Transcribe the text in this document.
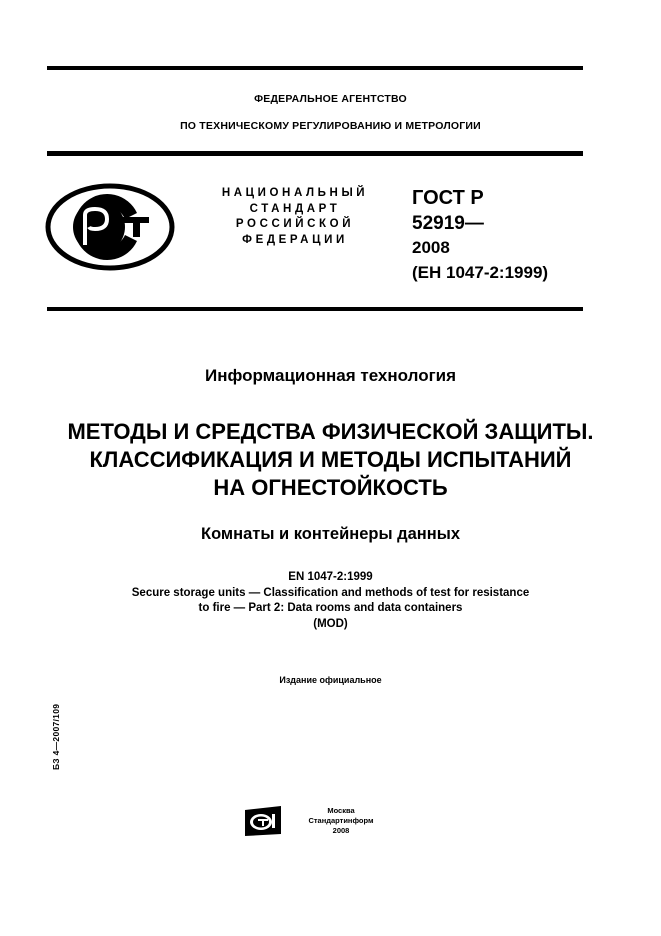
ФЕДЕРАЛЬНОЕ АГЕНТСТВО
ПО ТЕХНИЧЕСКОМУ РЕГУЛИРОВАНИЮ И МЕТРОЛОГИИ
НАЦИОНАЛЬНЫЙ
СТАНДАРТ
РОССИЙСКОЙ
ФЕДЕРАЦИИ
ГОСТ Р
52919—
2008
(ЕН 1047-2:1999)
Информационная технология
МЕТОДЫ И СРЕДСТВА ФИЗИЧЕСКОЙ ЗАЩИТЫ.
КЛАССИФИКАЦИЯ И МЕТОДЫ ИСПЫТАНИЙ
НА ОГНЕСТОЙКОСТЬ
Комнаты и контейнеры данных
EN 1047-2:1999
Secure storage units — Classification and methods of test for resistance
to fire — Part 2: Data rooms and data containers
(MOD)
Издание официальное
БЗ 4—2007/109
Москва
Стандартинформ
2008
